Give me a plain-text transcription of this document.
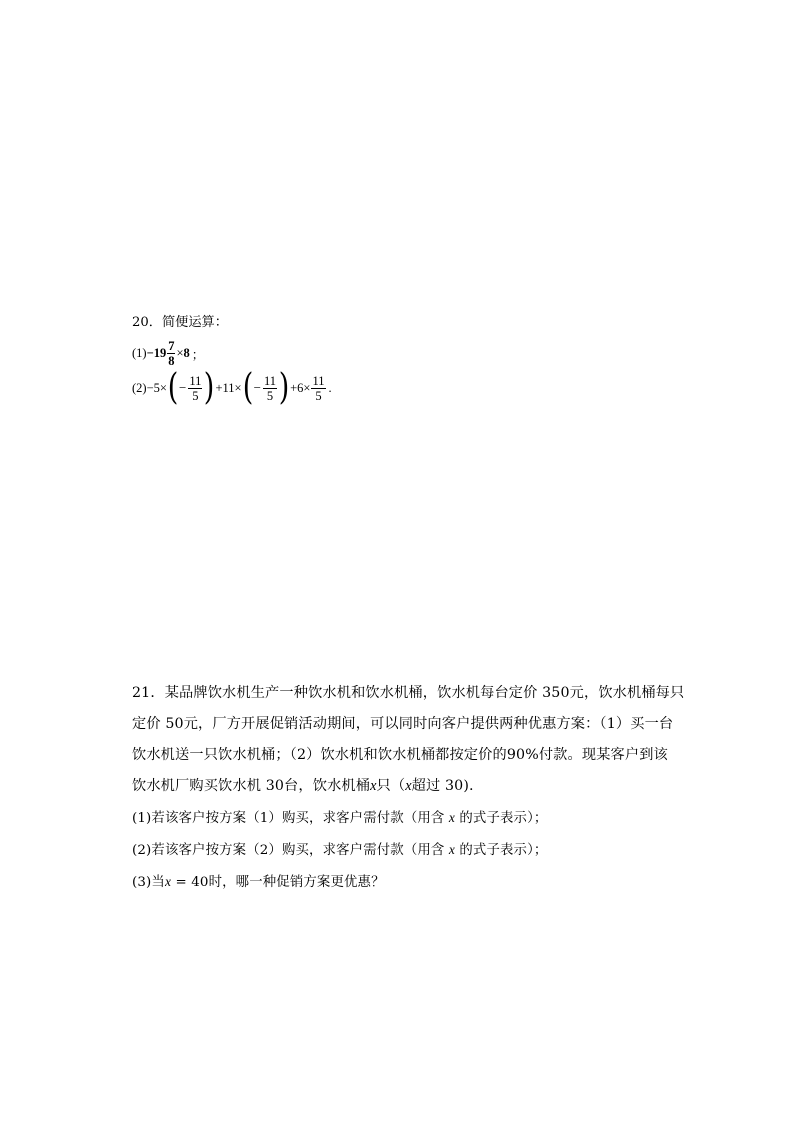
20．简便运算：
$(1) - 19 \frac{7}{8} \times 8$ ；
(2) −5 × ( − $\frac{11}{5}$ ) +11 × ( − $\frac{11}{5}$ ) $+6 \times \frac{11}{5}$ .
21．某品牌饮水机生产一种饮水机和饮水机桶，饮水机每台定价 350元，饮水机桶每只
定价 50元，厂方开展促销活动期间，可以同时向客户提供两种优惠方案：（1）买一台
饮水机送一只饮水机桶；（2）饮水机和饮水机桶都按定价的90%付款。现某客户到该
饮水机厂购买饮水机 30台，饮水机桶x只（x超过 30).
(1)若该客户按方案（1）购买，求客户需付款（用含 x 的式子表示）；
(2)若该客户按方案（2）购买，求客户需付款（用含 x 的式子表示）；
(3)当x = 40时，哪一种促销方案更优惠？
